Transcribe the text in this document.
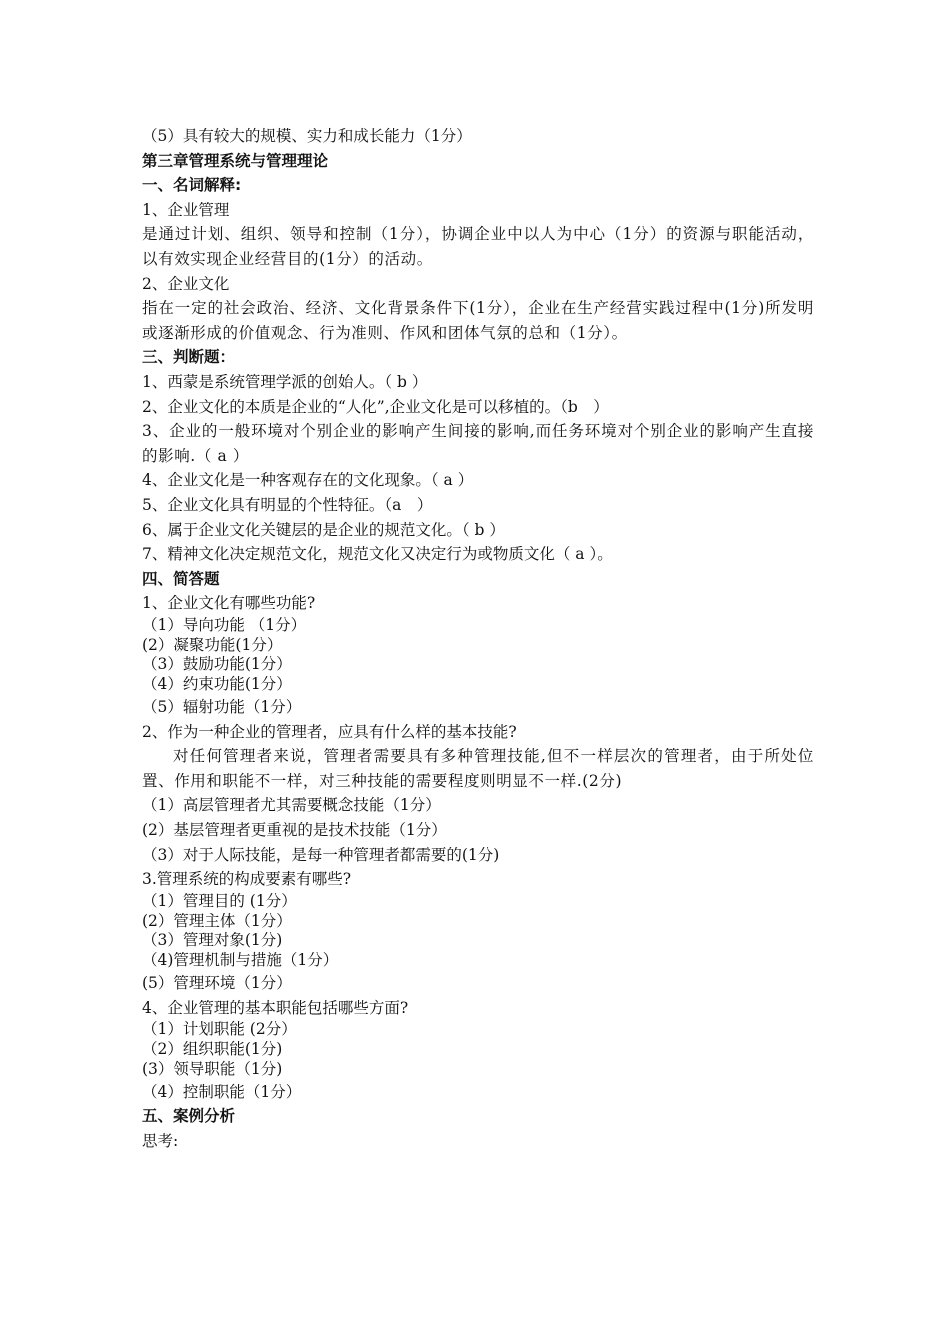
（5）具有较大的规模、实力和成长能力（1分）
第三章管理系统与管理理论
一、名词解释:
1、企业管理
是通过计划、组织、领导和控制（1分），协调企业中以人为中心（1分）的资源与职能活动，以有效实现企业经营目的(1分）的活动。
2、企业文化
指在一定的社会政治、经济、文化背景条件下(1分），企业在生产经营实践过程中(1分)所发明或逐渐形成的价值观念、行为准则、作风和团体气氛的总和（1分）。
三、判断题：
1、西蒙是系统管理学派的创始人。（ b ）
2、企业文化的本质是企业的“人化”,企业文化是可以移植的。（b　）
3、企业的一般环境对个别企业的影响产生间接的影响,而任务环境对个别企业的影响产生直接的影响.（ a ）
4、企业文化是一种客观存在的文化现象。（ a ）
5、企业文化具有明显的个性特征。（a　）
6、属于企业文化关键层的是企业的规范文化。（ b ）
7、精神文化决定规范文化，规范文化又决定行为或物质文化（ a ）。
四、简答题
1、企业文化有哪些功能?
（1）导向功能 （1分）
(2）凝聚功能(1分）
（3）鼓励功能(1分）
（4）约束功能(1分）
（5）辐射功能（1分）
2、作为一种企业的管理者，应具有什么样的基本技能?
对任何管理者来说，管理者需要具有多种管理技能,但不一样层次的管理者，由于所处位置、作用和职能不一样，对三种技能的需要程度则明显不一样.(2分)
（1）高层管理者尤其需要概念技能（1分）
(2）基层管理者更重视的是技术技能（1分）
（3）对于人际技能，是每一种管理者都需要的(1分)
3.管理系统的构成要素有哪些?
（1）管理目的 (1分）
(2）管理主体（1分）
（3）管理对象(1分)
（4)管理机制与措施（1分）
(5）管理环境（1分）
4、企业管理的基本职能包括哪些方面?
（1）计划职能 (2分）
（2）组织职能(1分)
(3）领导职能（1分)
（4）控制职能（1分）
五、案例分析
思考:
